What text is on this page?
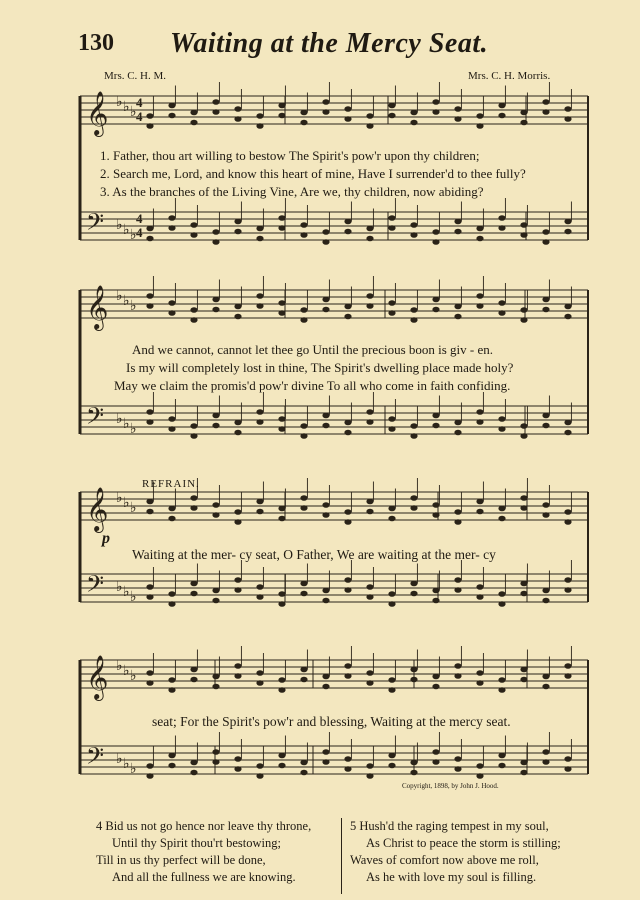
130 Waiting at the Mercy Seat.
Mrs. C. H. M.	Mrs. C. H. Morris.
𝄞
𝄢
♭
♭
♭
♭
♭
♭
𝄞
𝄢
♭
♭
♭
♭
♭
♭
𝄞
𝄢
♭
♭
♭
♭
♭
♭
𝄞
𝄢
♭
♭
♭
♭
♭
♭
4
4
4
4
REFRAIN.
p
1. Father, thou art willing to bestow The Spirit's pow'r upon thy children;
2. Search me, Lord, and know this heart of mine, Have I surrender'd to thee fully?
3. As the branches of the Living Vine, Are we, thy children, now abiding?
And we cannot, cannot let thee go Until the precious boon is giv - en.
Is my will completely lost in thine, The Spirit's dwelling place made holy?
May we claim the promis'd pow'r divine To all who come in faith confiding.
Waiting at the mer- cy seat, O Father, We are waiting at the mer- cy
seat; For the Spirit's pow'r and blessing, Waiting at the mercy seat.
Copyright, 1898, by John J. Hood.
4 Bid us not go hence nor leave thy throne,
Until thy Spirit thou'rt bestowing;
Till in us thy perfect will be done,
And all the fullness we are knowing.
5 Hush'd the raging tempest in my soul,
As Christ to peace the storm is stilling;
Waves of comfort now above me roll,
As he with love my soul is filling.
